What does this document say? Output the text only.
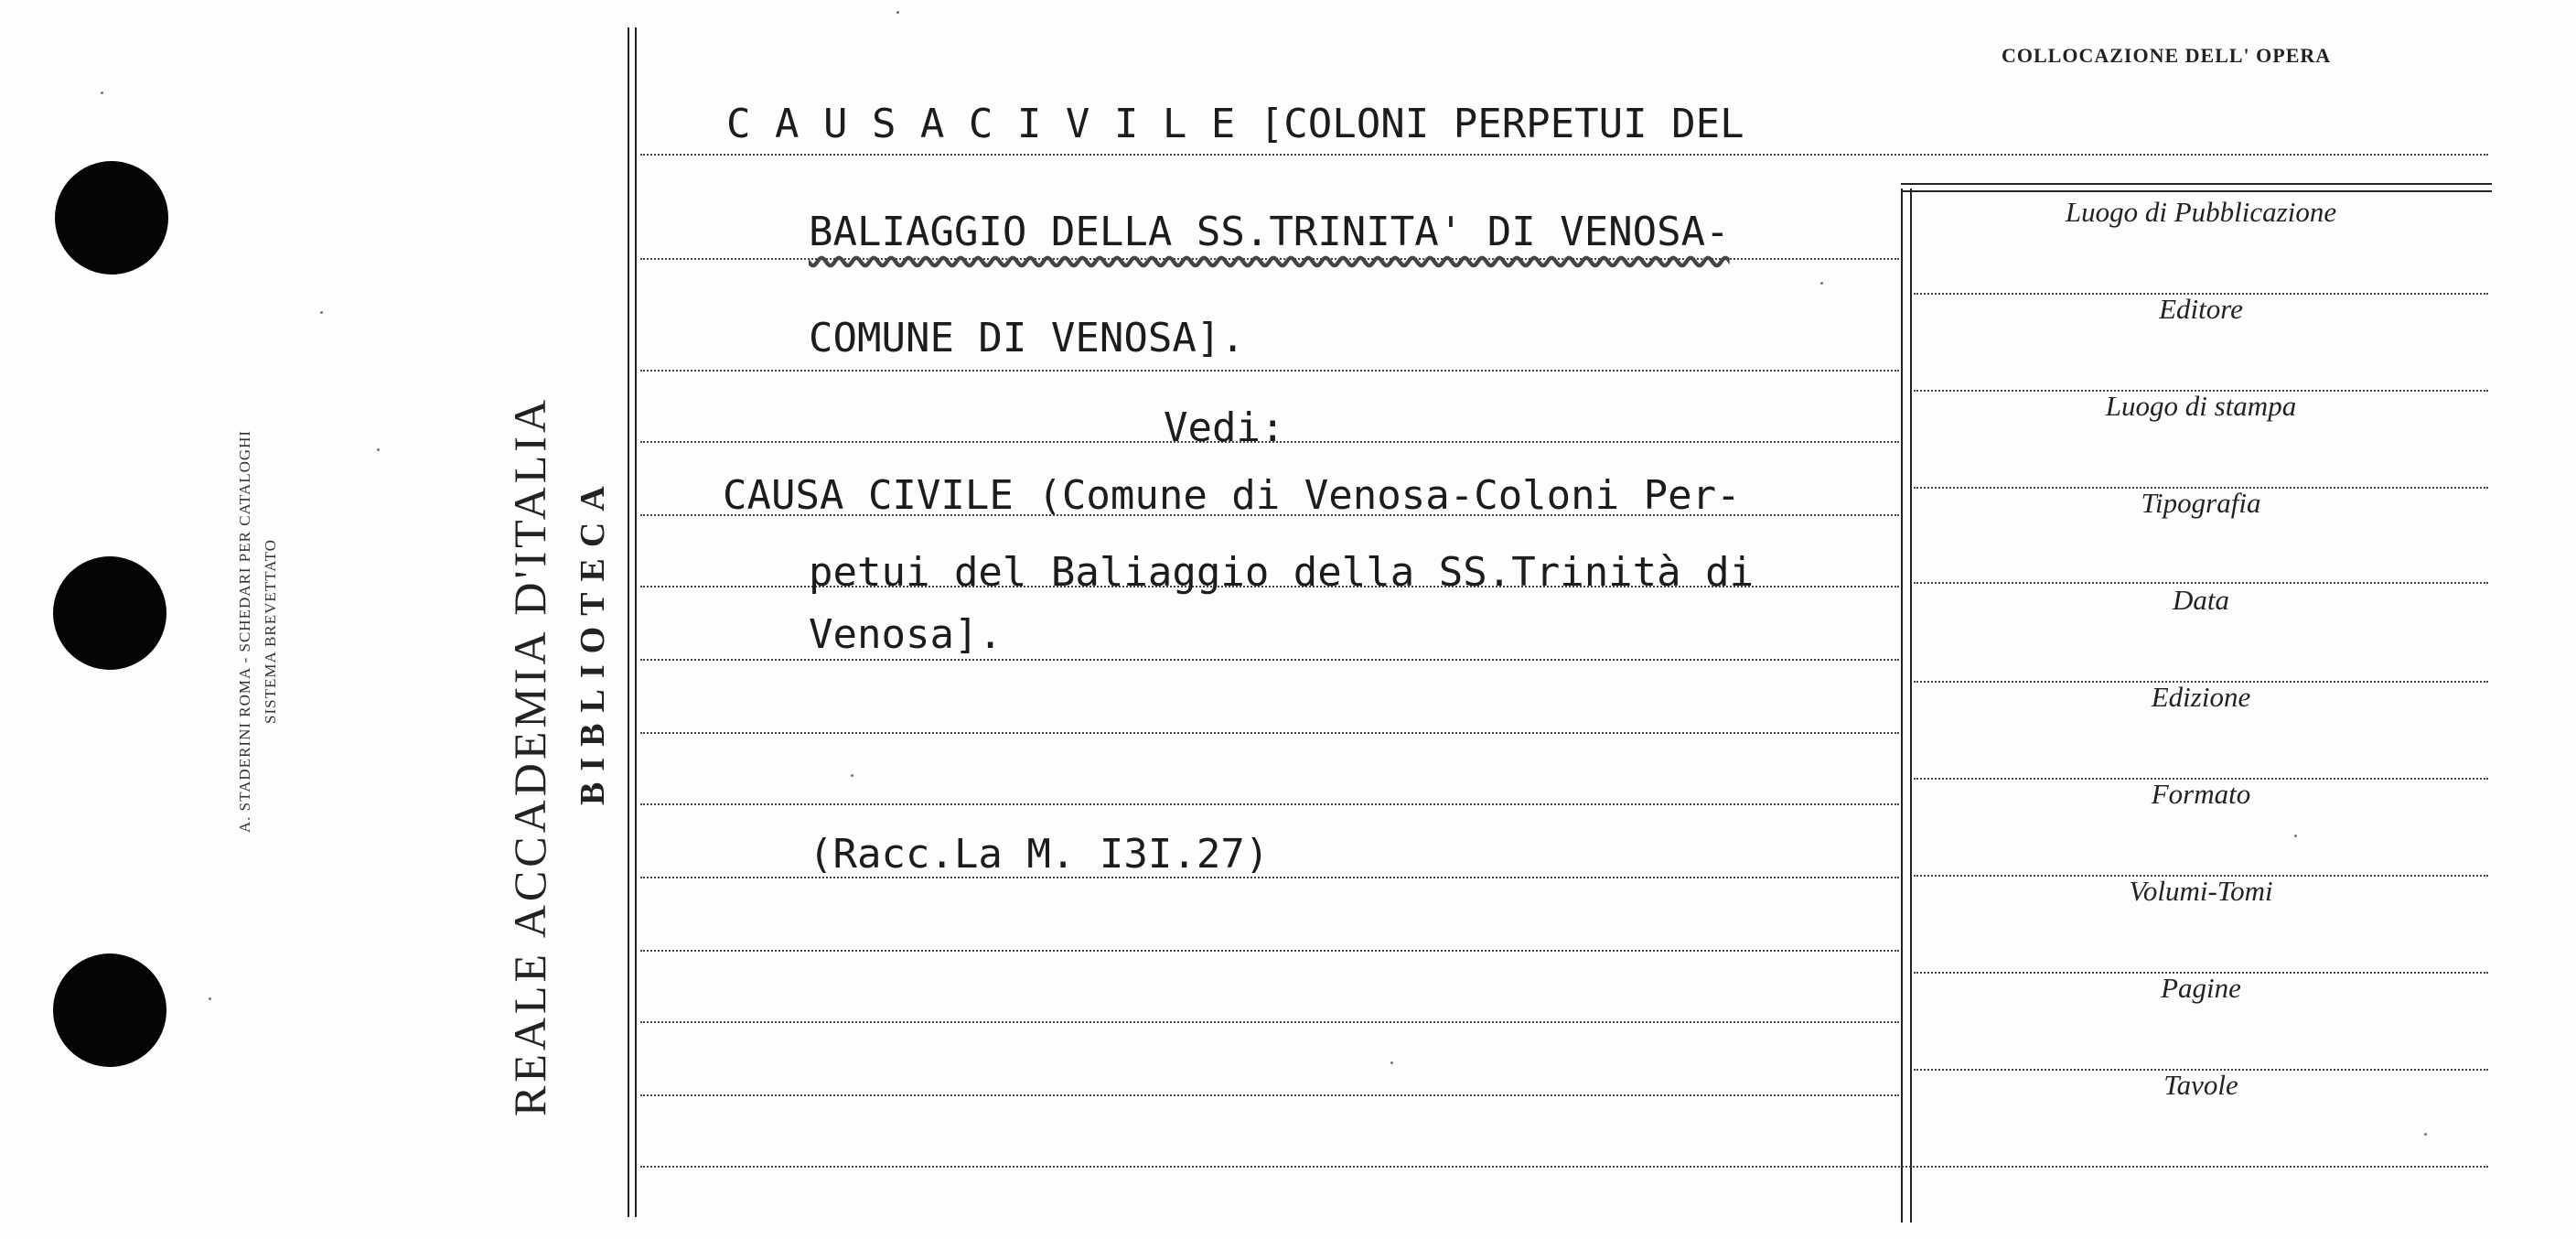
A. STADERINI ROMA - SCHEDARI PER CATALOGHI SISTEMA BREVETTATO	REALE ACCADEMIA D'ITALIA BIBLIOTECA
COLLOCAZIONE DELL' OPERA
C A U S A C I V I L E [COLONI PERPETUI DEL
BALIAGGIO DELLA SS.TRINITA' DI VENOSA-
COMUNE DI VENOSA].
Vedi:
CAUSA CIVILE (Comune di Venosa-Coloni Per-
petui del Baliaggio della SS.Trinità di
Venosa].
(Racc.La M. I3I.27)
Luogo di Pubblicazione
Editore
Luogo di stampa
Tipografia
Data
Edizione
Formato
Volumi-Tomi
Pagine
Tavole
